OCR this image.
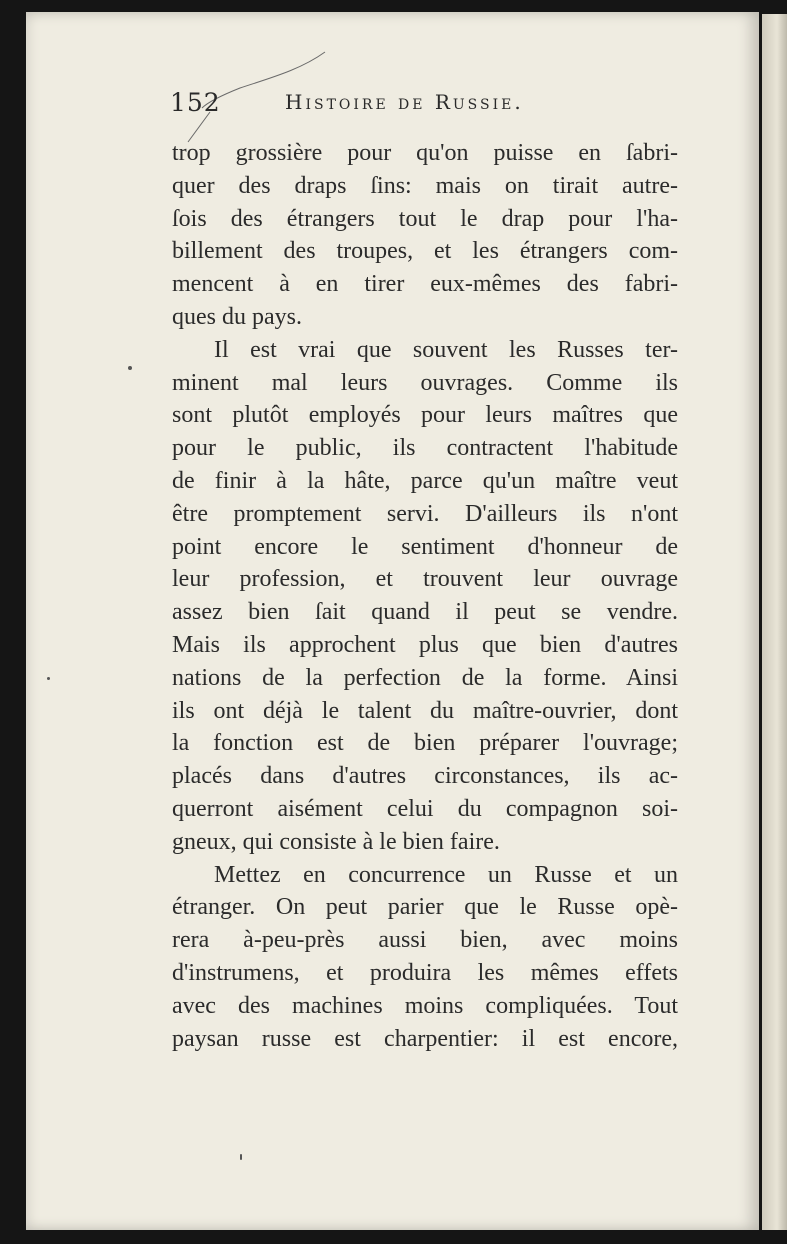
152	Histoire de Russie.
trop grossière pour qu'on puisse en ſabri-
quer des draps ſins: mais on tirait autre-
ſois des étrangers tout le drap pour l'ha-
billement des troupes, et les étrangers com-
mencent à en tirer eux-mêmes des fabri-
ques du pays.
Il est vrai que souvent les Russes ter-
minent mal leurs ouvrages. Comme ils
sont plutôt employés pour leurs maîtres que
pour le public, ils contractent l'habitude
de finir à la hâte, parce qu'un maître veut
être promptement servi. D'ailleurs ils n'ont
point encore le sentiment d'honneur de
leur profession, et trouvent leur ouvrage
assez bien ſait quand il peut se vendre.
Mais ils approchent plus que bien d'autres
nations de la perfection de la forme. Ainsi
ils ont déjà le talent du maître-ouvrier, dont
la fonction est de bien préparer l'ouvrage;
placés dans d'autres circonstances, ils ac-
querront aisément celui du compagnon soi-
gneux, qui consiste à le bien faire.
Mettez en concurrence un Russe et un
étranger. On peut parier que le Russe opè-
rera à-peu-près aussi bien, avec moins
d'instrumens, et produira les mêmes effets
avec des machines moins compliquées. Tout
paysan russe est charpentier: il est encore,
